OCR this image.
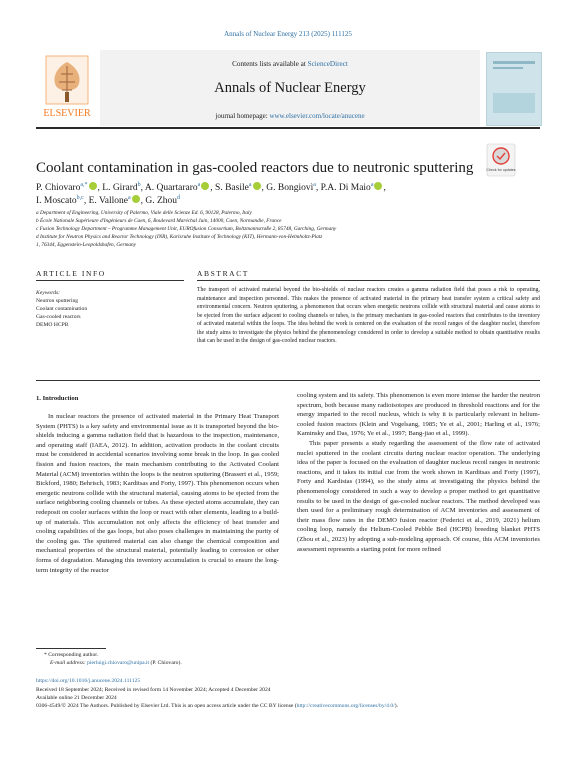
Annals of Nuclear Energy 213 (2025) 111125
ELSEVIER
Contents lists available at ScienceDirect
Annals of Nuclear Energy
journal homepage: www.elsevier.com/locate/anucene
Check for updates
Coolant contamination in gas-cooled reactors due to neutronic sputtering
P. Chiovaro$^{a,*}$ , L. Girard$^b$, A. Quartararo$^a$ , S. Basile$^a$ , G. Bongiovì$^a$, P.A. Di Maio$^a$ ,
I. Moscato$^{b,c}$, E. Vallone$^a$ , G. Zhou$^d$
a Department of Engineering, University of Palermo, Viale delle Scienze Ed. 6, 90128, Palermo, Italy
b École Nationale Supérieure d'Ingénieurs de Caen, 6, Boulevard Maréchal Juin, 14000, Caen, Normandie, France
c Fusion Technology Department – Programme Management Unit, EUROfusion Consortium, Boltzmannstraße 2, 85748, Garching, Germany
d Institute for Neutron Physics and Reactor Technology (INR), Karlsruhe Institute of Technology (KIT), Hermann-von-Helmholtz-Platz
1, 76344, Eggenstein-Leopoldshafen, Germany
ARTICLE INFO	ABSTRACT
Keywords:
Neutron sputtering
Coolant contamination
Gas-cooled reactors
DEMO HCPB
The transport of activated material beyond the bio-shields of nuclear reactors creates a gamma radiation field that poses a risk to operating, maintenance and inspection personnel. This makes the presence of activated material in the primary heat transfer system a critical safety and environmental concern. Neutron sputtering, a phenomenon that occurs when energetic neutrons collide with structural material and cause atoms to be ejected from the surface adjacent to cooling channels or tubes, is the primary mechanism in gas-cooled reactors that contributes to the inventory of activated material within the loops. The idea behind the work is centered on the evaluation of the recoil ranges of the daughter nuclei, therefore the study aims to investigate the physics behind the phenomenology considered in order to develop a suitable method to obtain quantitative results that can be used in the design of gas-cooled nuclear reactors.
1. Introduction
In nuclear reactors the presence of activated material in the Primary Heat Transport System (PHTS) is a key safety and environmental issue as it is transported beyond the bio-shields inducing a gamma radiation field that is hazardous to the inspection, maintenance, and operating staff (IAEA, 2012). In addition, activation products in the coolant circuits must be considered in accidental scenarios involving some break in the loop. In gas cooled fission and fusion reactors, the main mechanism contributing to the Activated Coolant Material (ACM) inventories within the loops is the neutron sputtering (Brassert et al., 1959; Bickford, 1980; Behrisch, 1983; Karditsas and Forty, 1997). This phenomenon occurs when energetic neutrons collide with the structural material, causing atoms to be ejected from the surface neighboring cooling channels or tubes. As these ejected atoms accumulate, they can redeposit on cooler surfaces within the loop or react with other elements, leading to a build-up of materials. This accumulation not only affects the efficiency of heat transfer and cooling capabilities of the gas loops, but also poses challenges in maintaining the purity of the cooling gas. The sputtered material can also change the chemical composition and mechanical properties of the structural material, potentially leading to corrosion or other forms of degradation. Managing this inventory accumulation is crucial to ensure the long-term integrity of the reactor
cooling system and its safety. This phenomenon is even more intense the harder the neutron spectrum, both because many radioisotopes are produced in threshold reactions and for the energy imparted to the recoil nucleus, which is why it is particularly relevant in helium-cooled fusion reactors (Klein and Vogelsang, 1985; Ye et al., 2001; Harling et al., 1976; Kaminsky and Das, 1976; Ye et al., 1997; Bang-jiao et al., 1999).
This paper presents a study regarding the assessment of the flow rate of activated nuclei sputtered in the coolant circuits during nuclear reactor operation. The underlying idea of the paper is focused on the evaluation of daughter nucleus recoil ranges in neutronic reactions, and it takes its initial cue from the work shown in Karditsas and Forty (1997), Forty and Kardistas (1994), so the study aims at investigating the physics behind the phenomenology considered in such a way to develop a proper method to get quantitative results to be used in the design of gas-cooled nuclear reactors. The method developed was then used for a preliminary rough determination of ACM inventories and assessment of their mass flow rates in the DEMO fusion reactor (Federici et al., 2019, 2021) helium cooling loop, namely the Helium-Cooled Pebble Bed (HCPB) breeding blanket PHTS (Zhou et al., 2023) by adopting a sub-modeling approach. Of course, this ACM inventories assessment represents a starting point for more refined
* Corresponding author.
E-mail address: pierluigi.chiovaro@unipa.it (P. Chiovaro).
https://doi.org/10.1016/j.anucene.2024.111125
Received 18 September 2024; Received in revised form 14 November 2024; Accepted 4 December 2024
Available online 21 December 2024
0306-4549/© 2024 The Authors. Published by Elsevier Ltd. This is an open access article under the CC BY license (http://creativecommons.org/licenses/by/4.0/).
